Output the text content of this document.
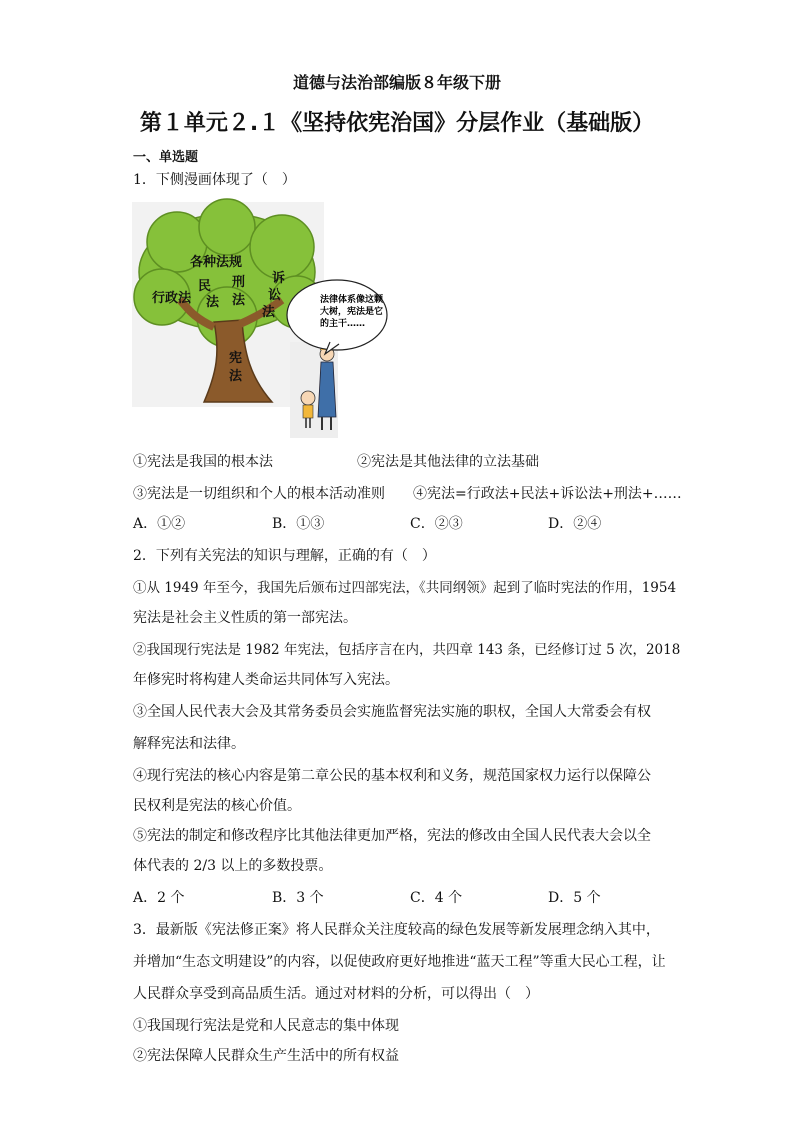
道德与法治部编版８年级下册
第１单元２.１《坚持依宪治国》分层作业（基础版）
一、单选题
1．下侧漫画体现了（　）
各种法规
行政法
民
法
刑
法
诉
讼
法
宪
法
法律体系像这颗
大树，宪法是它
的主干……
①宪法是我国的根本法	②宪法是其他法律的立法基础
③宪法是一切组织和个人的根本活动准则 ④宪法=行政法+民法+诉讼法+刑法+……
A．①②	B．①③	C．②③	D．②④
2．下列有关宪法的知识与理解，正确的有（　）
①从 1949 年至今，我国先后颁布过四部宪法，《共同纲领》起到了临时宪法的作用，1954
宪法是社会主义性质的第一部宪法。
②我国现行宪法是 1982 年宪法，包括序言在内，共四章 143 条，已经修订过 5 次，2018
年修宪时将构建人类命运共同体写入宪法。
③全国人民代表大会及其常务委员会实施监督宪法实施的职权，全国人大常委会有权
解释宪法和法律。
④现行宪法的核心内容是第二章公民的基本权利和义务，规范国家权力运行以保障公
民权利是宪法的核心价值。
⑤宪法的制定和修改程序比其他法律更加严格，宪法的修改由全国人民代表大会以全
体代表的 2/3 以上的多数投票。
A．2 个	B．3 个	C．4 个	D．5 个
3．最新版《宪法修正案》将人民群众关注度较高的绿色发展等新发展理念纳入其中，
并增加“生态文明建设”的内容，以促使政府更好地推进“蓝天工程”等重大民心工程，让
人民群众享受到高品质生活。通过对材料的分析，可以得出（　）
①我国现行宪法是党和人民意志的集中体现
②宪法保障人民群众生产生活中的所有权益
